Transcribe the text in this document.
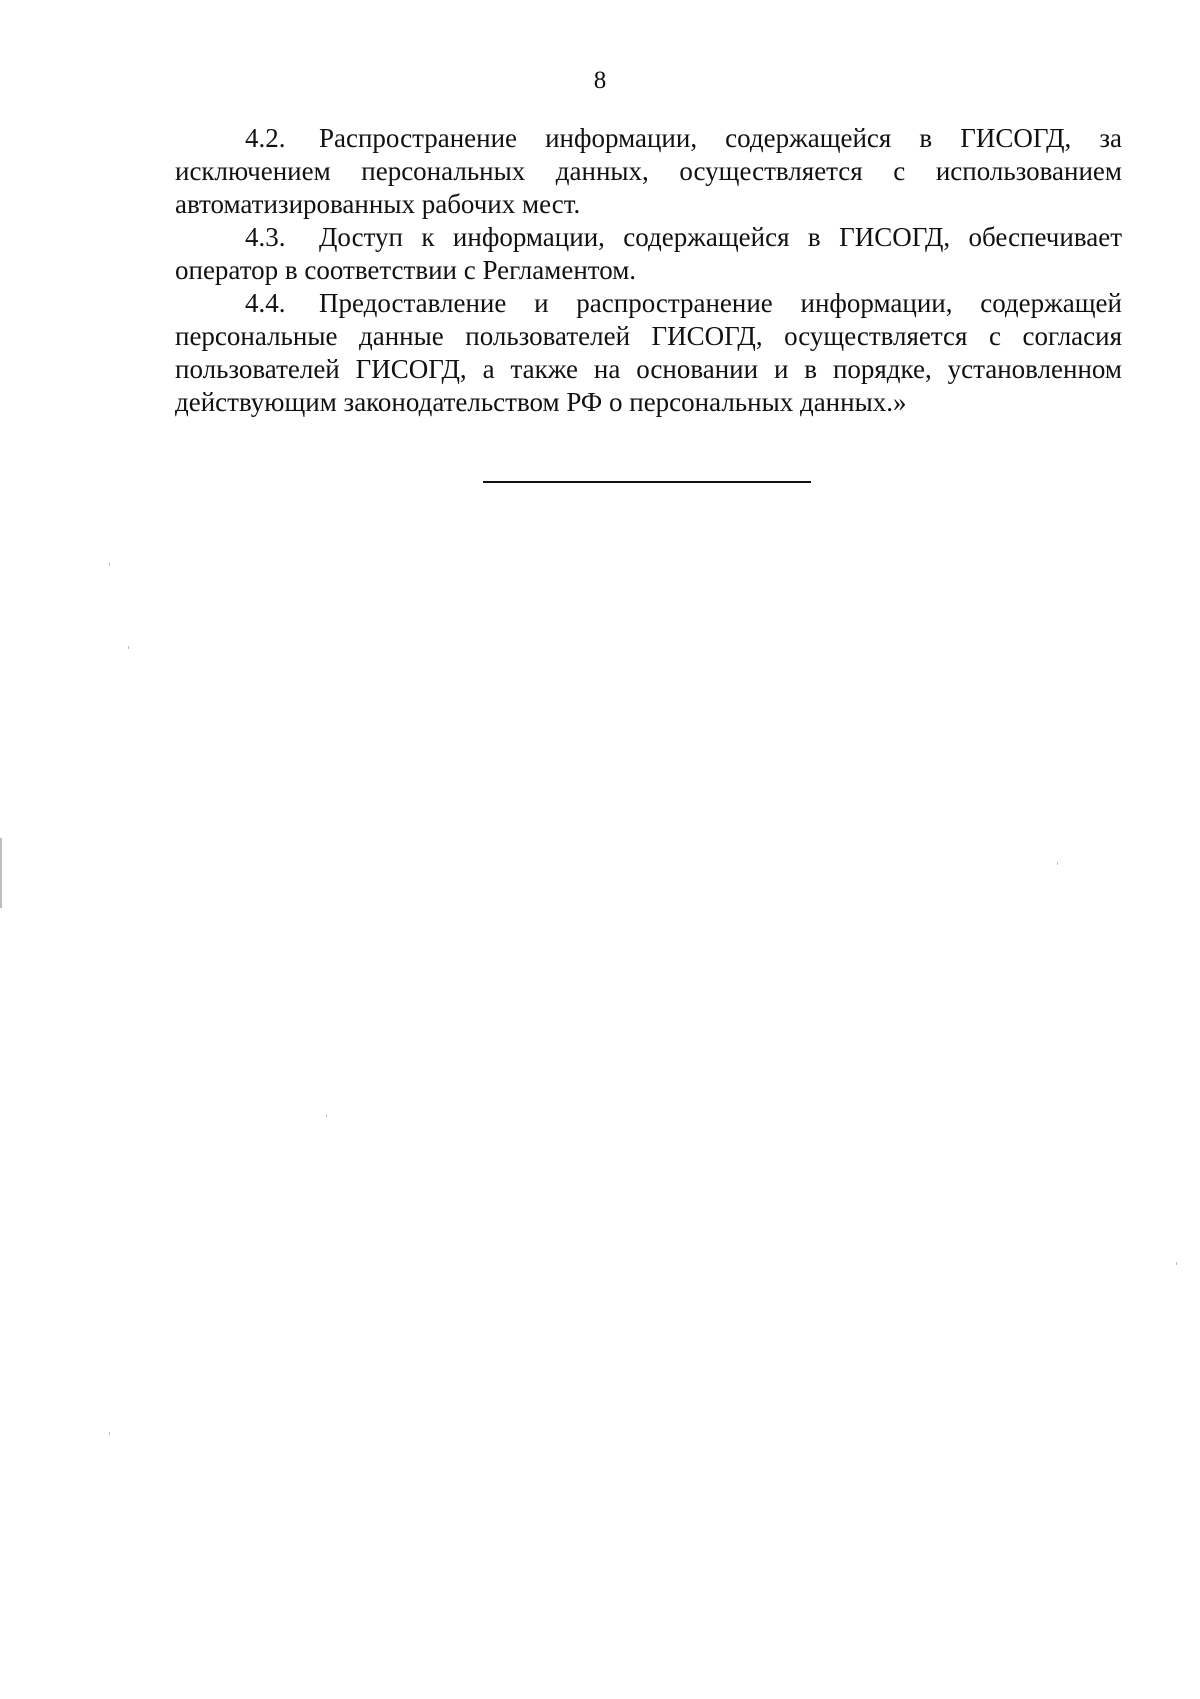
8

4.2. Распространение информации, содержащейся в ГИСОГД, за исключением персональных данных, осуществляется с использованием автоматизированных рабочих мест.

4.3. Доступ к информации, содержащейся в ГИСОГД, обеспечивает оператор в соответствии с Регламентом.

4.4. Предоставление и распространение информации, содержащей персональные данные пользователей ГИСОГД, осуществляется с согласия пользователей ГИСОГД, а также на основании и в порядке, установленном действующим законодательством РФ о персональных данных.»
